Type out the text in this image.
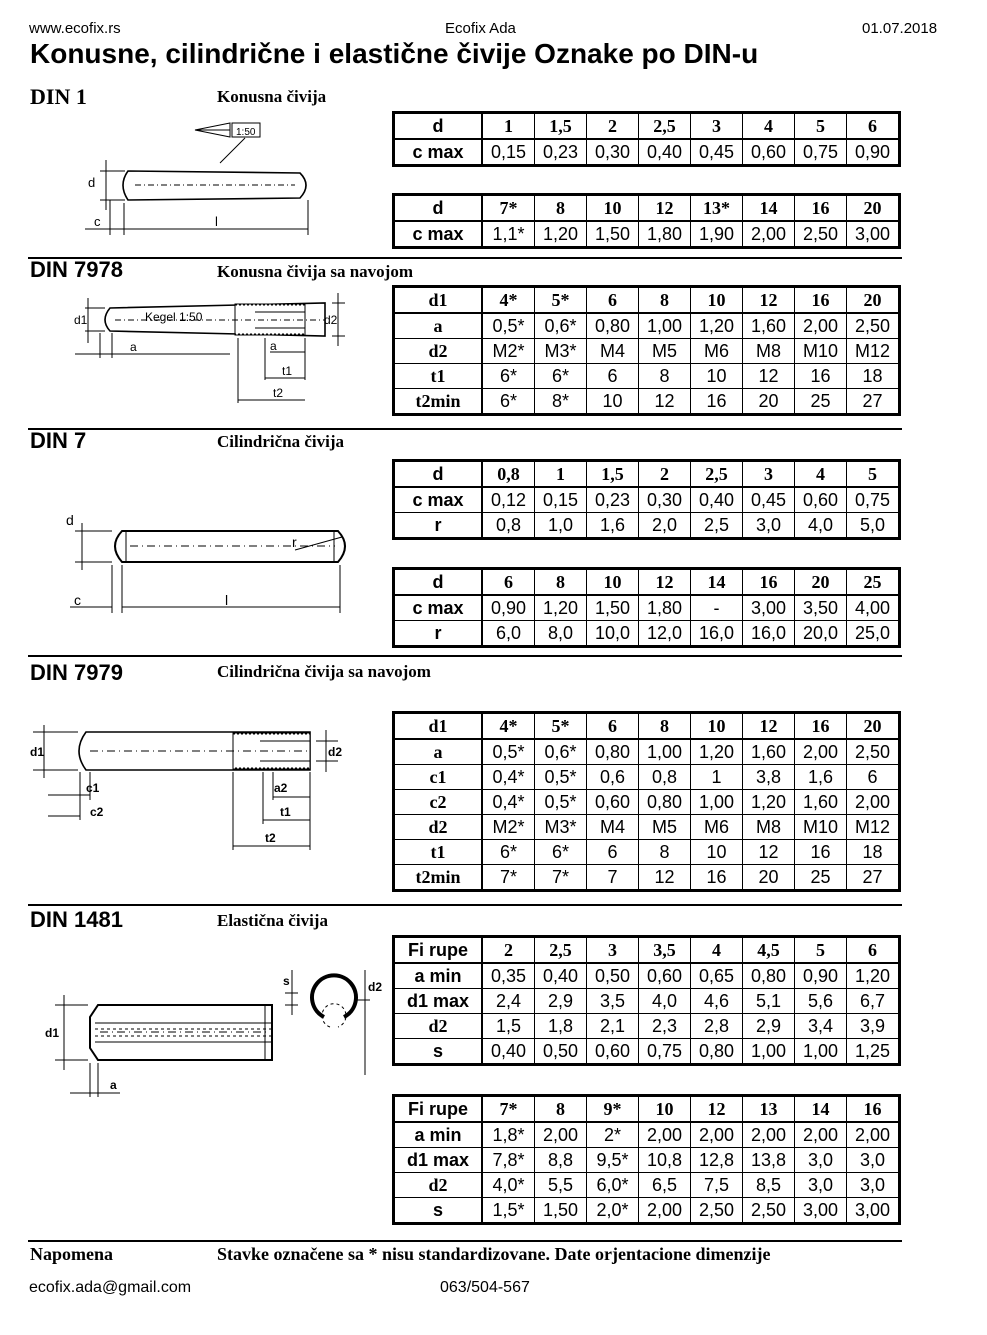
www.ecofix.rs	Ecofix Ada	01.07.2018
Konusne, cilindrične i elastične čivije Oznake po DIN-u
DIN 1	Konusna čivija
1:50
d
c	l
d	1	1,5	2	2,5	3	4	5	6
c max	0,15	0,23	0,30	0,40	0,45	0,60	0,75	0,90
d	7*	8	10	12	13*	14	16	20
c max	1,1*	1,20	1,50	1,80	1,90	2,00	2,50	3,00
DIN 7978	Konusna čivija sa navojom
Kegel 1:50
d1	d2
a	a
t1
t2
d1	4*	5*	6	8	10	12	16	20
a	0,5*	0,6*	0,80	1,00	1,20	1,60	2,00	2,50
d2	M2*	M3*	M4	M5	M6	M8	M10	M12
t1	6*	6*	6	8	10	12	16	18
t2min	6*	8*	10	12	16	20	25	27
DIN 7	Cilindrična čivija
d
c	l
r
d	0,8	1	1,5	2	2,5	3	4	5
c max	0,12	0,15	0,23	0,30	0,40	0,45	0,60	0,75
r	0,8	1,0	1,6	2,0	2,5	3,0	4,0	5,0
d	6	8	10	12	14	16	20	25
c max	0,90	1,20	1,50	1,80	-	3,00	3,50	4,00
r	6,0	8,0	10,0	12,0	16,0	16,0	20,0	25,0
DIN 7979	Cilindrična čivija sa navojom
d1	d2
c1
c2
a2
t1
t2
d1	4*	5*	6	8	10	12	16	20
a	0,5*	0,6*	0,80	1,00	1,20	1,60	2,00	2,50
c1	0,4*	0,5*	0,6	0,8	1	3,8	1,6	6
c2	0,4*	0,5*	0,60	0,80	1,00	1,20	1,60	2,00
d2	M2*	M3*	M4	M5	M6	M8	M10	M12
t1	6*	6*	6	8	10	12	16	18
t2min	7*	7*	7	12	16	20	25	27
DIN 1481	Elastična čivija
d1
d2
s
a
Fi rupe	2	2,5	3	3,5	4	4,5	5	6
a min	0,35	0,40	0,50	0,60	0,65	0,80	0,90	1,20
d1 max	2,4	2,9	3,5	4,0	4,6	5,1	5,6	6,7
d2	1,5	1,8	2,1	2,3	2,8	2,9	3,4	3,9
s	0,40	0,50	0,60	0,75	0,80	1,00	1,00	1,25
Fi rupe	7*	8	9*	10	12	13	14	16
a min	1,8*	2,00	2*	2,00	2,00	2,00	2,00	2,00
d1 max	7,8*	8,8	9,5*	10,8	12,8	13,8	3,0	3,0
d2	4,0*	5,5	6,0*	6,5	7,5	8,5	3,0	3,0
s	1,5*	1,50	2,0*	2,00	2,50	2,50	3,00	3,00
Napomena	Stavke označene sa * nisu standardizovane. Date orjentacione dimenzije
ecofix.ada@gmail.com	063/504-567
